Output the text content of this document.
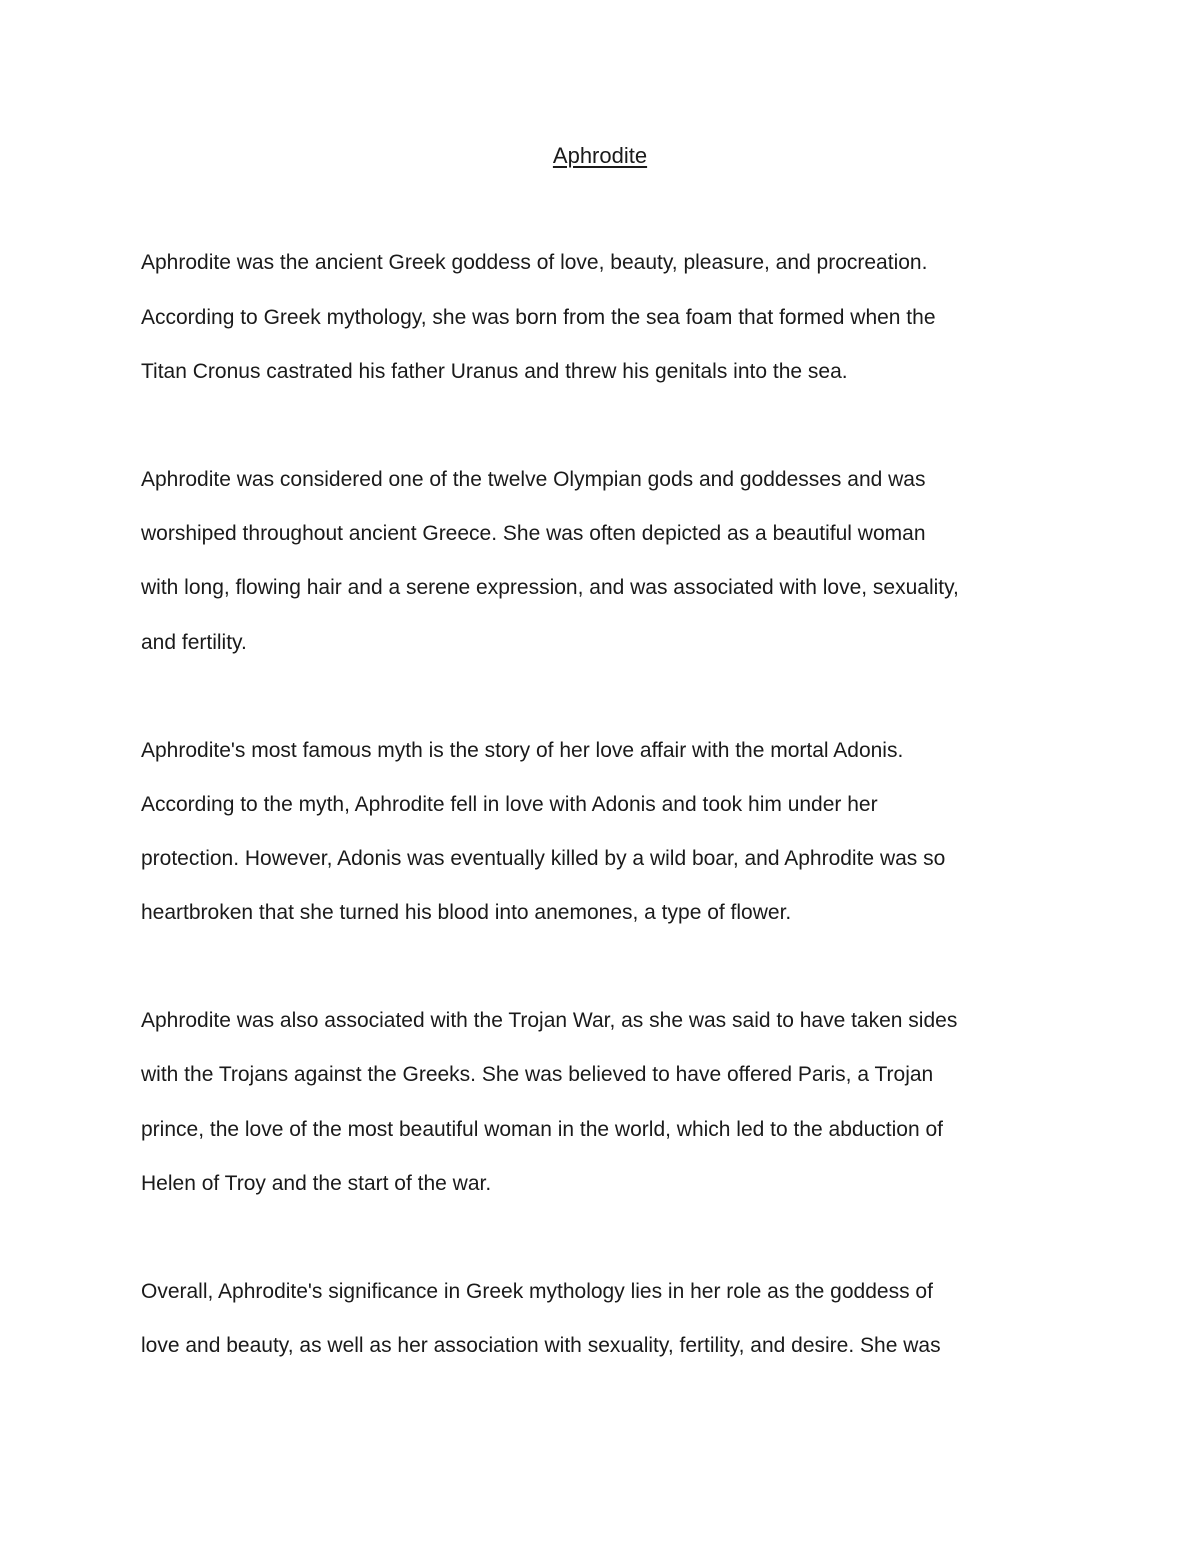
Aphrodite

Aphrodite was the ancient Greek goddess of love, beauty, pleasure, and procreation.

According to Greek mythology, she was born from the sea foam that formed when the

Titan Cronus castrated his father Uranus and threw his genitals into the sea.

Aphrodite was considered one of the twelve Olympian gods and goddesses and was

worshiped throughout ancient Greece. She was often depicted as a beautiful woman

with long, flowing hair and a serene expression, and was associated with love, sexuality,

and fertility.

Aphrodite's most famous myth is the story of her love affair with the mortal Adonis.

According to the myth, Aphrodite fell in love with Adonis and took him under her

protection. However, Adonis was eventually killed by a wild boar, and Aphrodite was so

heartbroken that she turned his blood into anemones, a type of flower.

Aphrodite was also associated with the Trojan War, as she was said to have taken sides

with the Trojans against the Greeks. She was believed to have offered Paris, a Trojan

prince, the love of the most beautiful woman in the world, which led to the abduction of

Helen of Troy and the start of the war.

Overall, Aphrodite's significance in Greek mythology lies in her role as the goddess of

love and beauty, as well as her association with sexuality, fertility, and desire. She was
